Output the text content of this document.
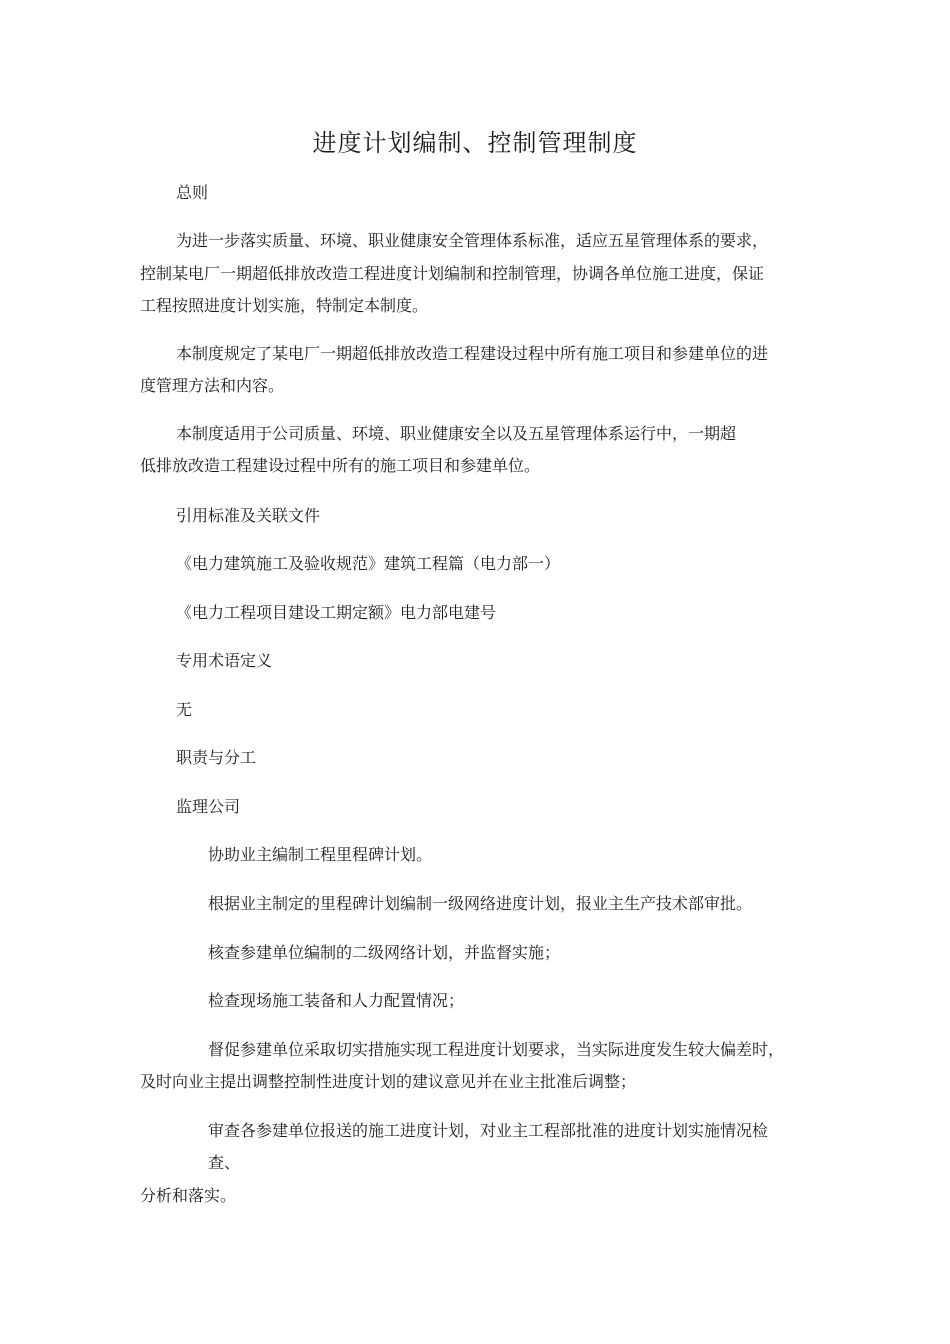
进度计划编制、控制管理制度
总则
为进一步落实质量、环境、职业健康安全管理体系标准，适应五星管理体系的要求，
控制某电厂一期超低排放改造工程进度计划编制和控制管理，协调各单位施工进度，保证
工程按照进度计划实施，特制定本制度。
本制度规定了某电厂一期超低排放改造工程建设过程中所有施工项目和参建单位的进
度管理方法和内容。
本制度适用于公司质量、环境、职业健康安全以及五星管理体系运行中，一期超
低排放改造工程建设过程中所有的施工项目和参建单位。
引用标准及关联文件
《电力建筑施工及验收规范》建筑工程篇（电力部一）
《电力工程项目建设工期定额》电力部电建号
专用术语定义
无
职责与分工
监理公司
协助业主编制工程里程碑计划。
根据业主制定的里程碑计划编制一级网络进度计划，报业主生产技术部审批。
核查参建单位编制的二级网络计划，并监督实施；
检查现场施工装备和人力配置情况；
督促参建单位采取切实措施实现工程进度计划要求，当实际进度发生较大偏差时，
及时向业主提出调整控制性进度计划的建议意见并在业主批准后调整；
审查各参建单位报送的施工进度计划，对业主工程部批准的进度计划实施情况检
查、
分析和落实。
